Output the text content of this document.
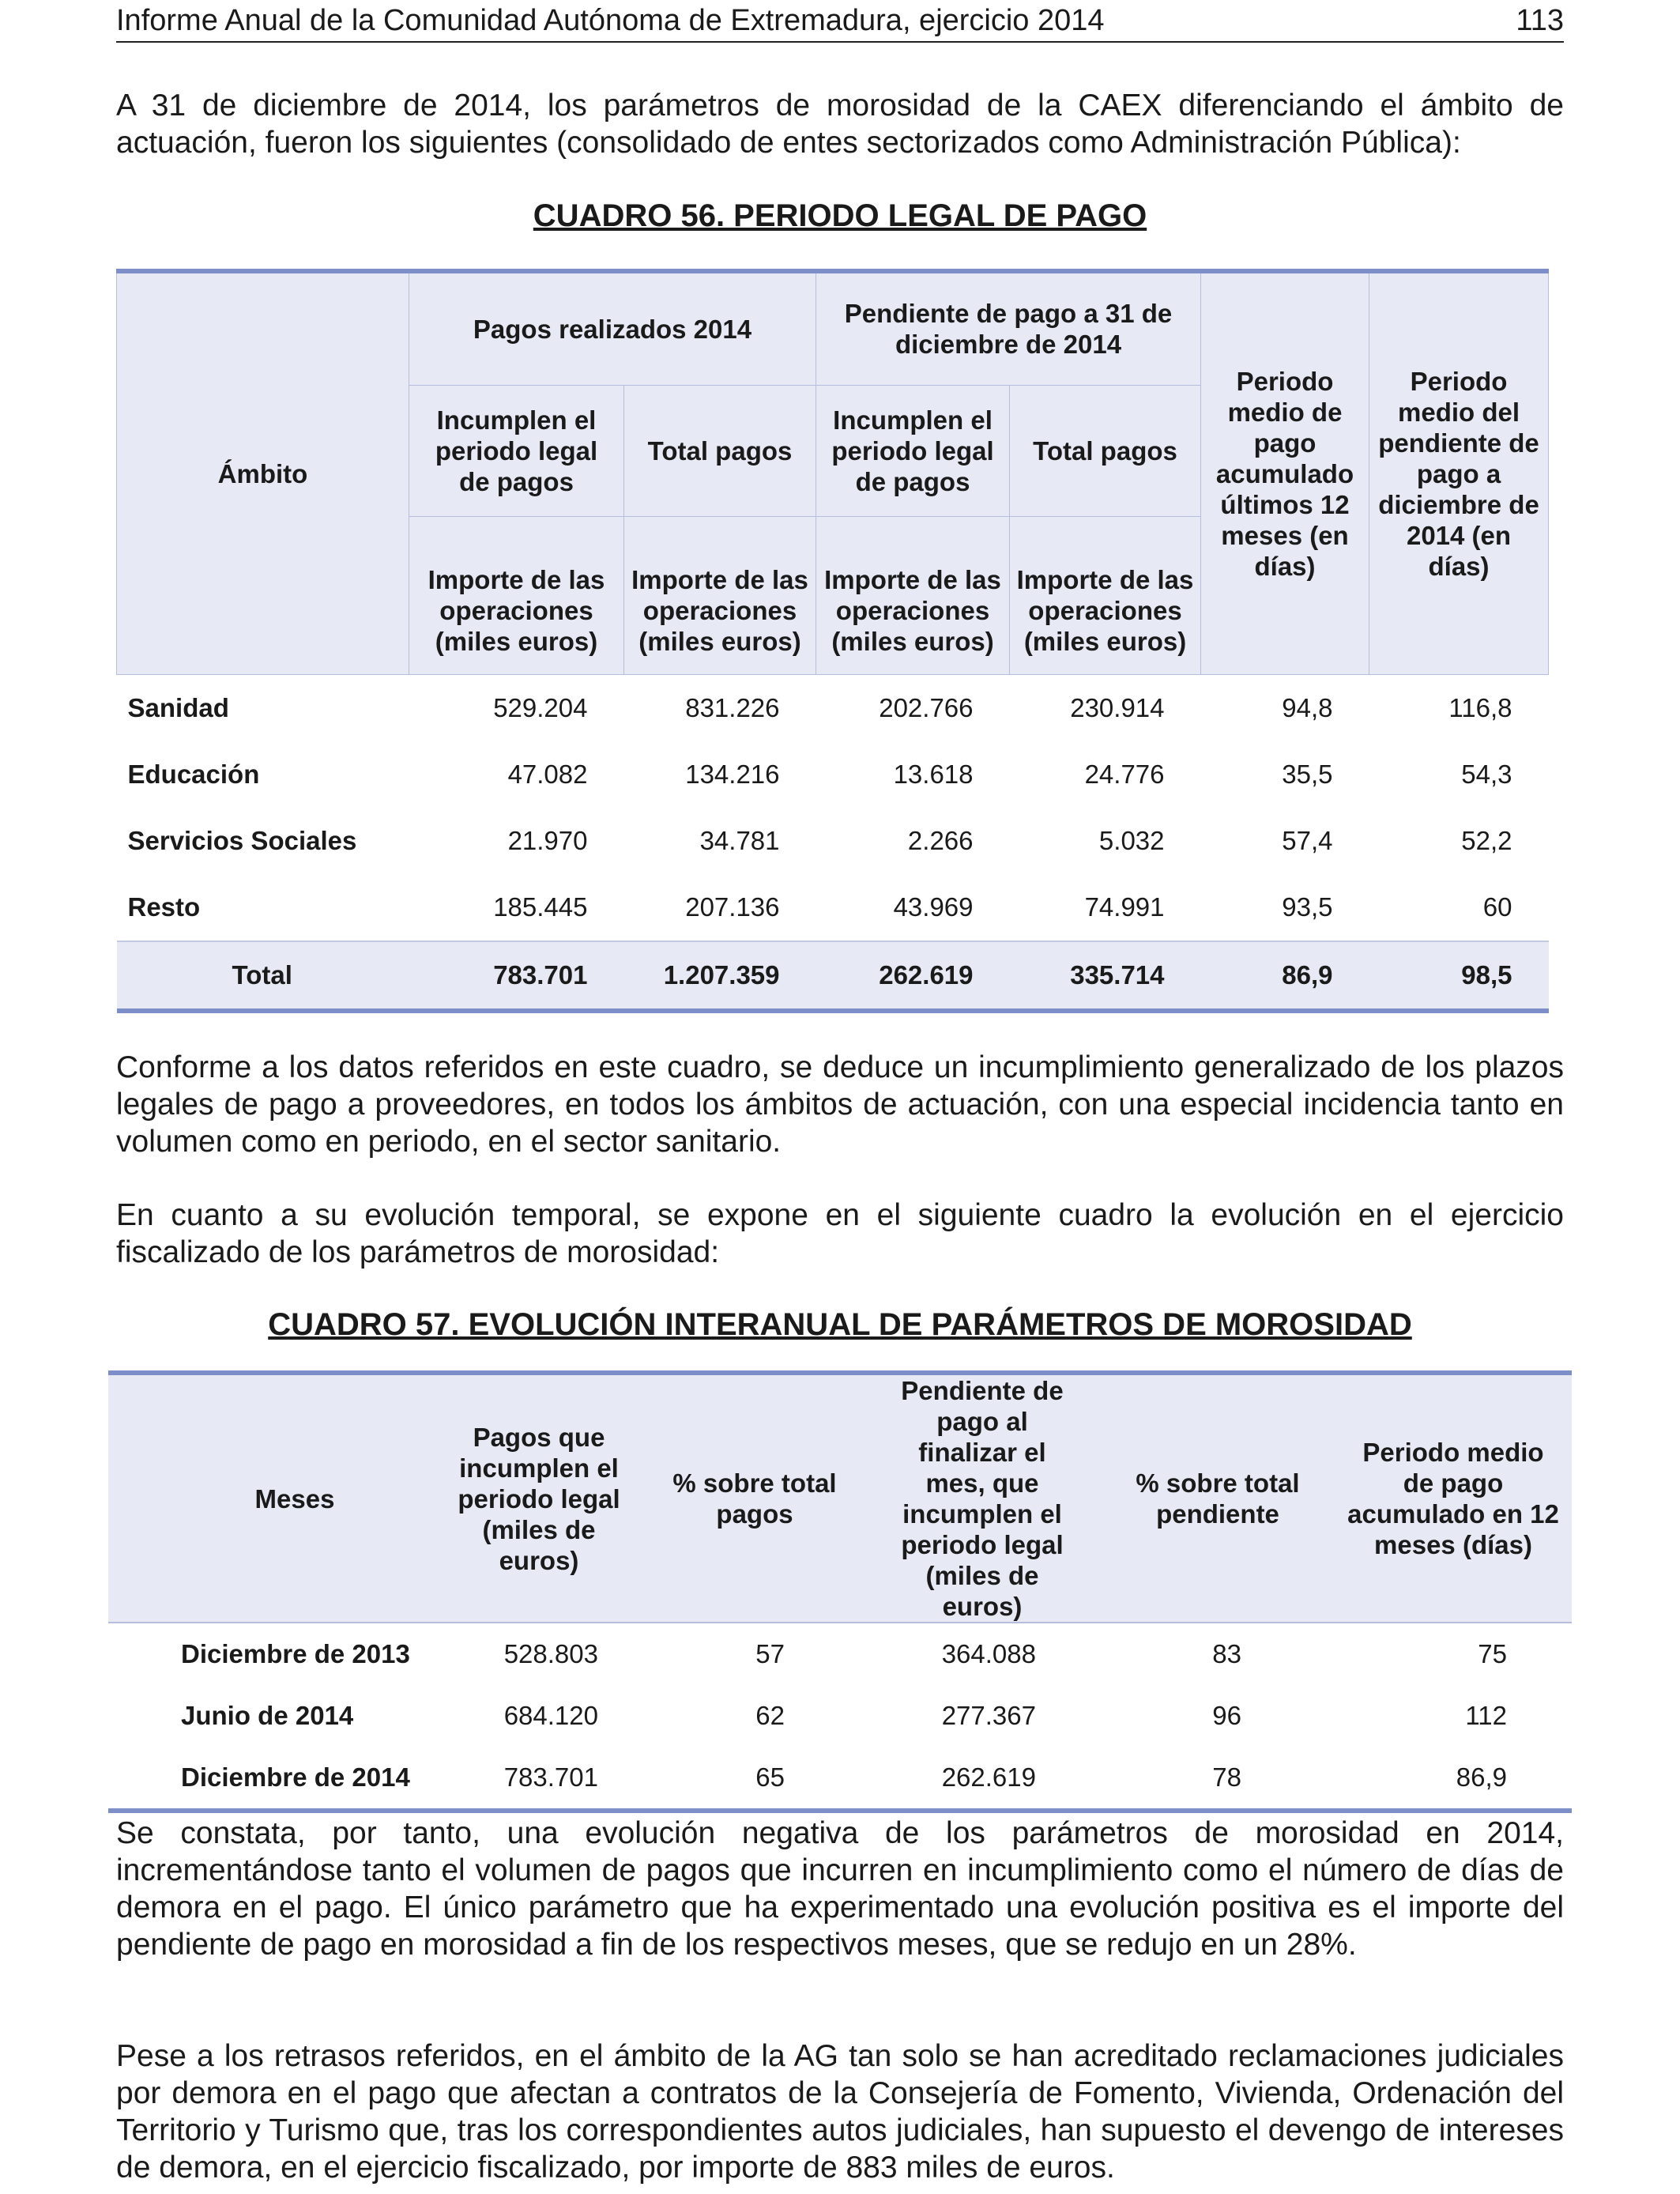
Informe Anual de la Comunidad Autónoma de Extremadura, ejercicio 2014	113

A 31 de diciembre de 2014, los parámetros de morosidad de la CAEX diferenciando el ámbito de actuación, fueron los siguientes (consolidado de entes sectorizados como Administración Pública):

CUADRO 56. PERIODO LEGAL DE PAGO
Ámbito	Pagos realizados 2014		Pendiente de pago a 31 de diciembre de 2014		Periodo medio de pago acumulado últimos 12 meses (en días)	Periodo medio del pendiente de pago a diciembre de 2014 (en días)
	Incumplen el periodo legal de pagos	Total pagos	Incumplen el periodo legal de pagos	Total pagos		
	Importe de las operaciones (miles euros)	Importe de las operaciones (miles euros)	Importe de las operaciones (miles euros)	Importe de las operaciones (miles euros)		
Sanidad	529.204	831.226	202.766	230.914	94,8	116,8
Educación	47.082	134.216	13.618	24.776	35,5	54,3
Servicios Sociales	21.970	34.781	2.266	5.032	57,4	52,2
Resto	185.445	207.136	43.969	74.991	93,5	60
Total	783.701	1.207.359	262.619	335.714	86,9	98,5

Conforme a los datos referidos en este cuadro, se deduce un incumplimiento generalizado de los plazos legales de pago a proveedores, en todos los ámbitos de actuación, con una especial incidencia tanto en volumen como en periodo, en el sector sanitario.

En cuanto a su evolución temporal, se expone en el siguiente cuadro la evolución en el ejercicio fiscalizado de los parámetros de morosidad:

CUADRO 57. EVOLUCIÓN INTERANUAL DE PARÁMETROS DE MOROSIDAD
Meses	Pagos que incumplen el periodo legal (miles de euros)	% sobre total pagos	Pendiente de pago al finalizar el mes, que incumplen el periodo legal (miles de euros)	% sobre total pendiente	Periodo medio de pago acumulado en 12 meses (días)
Diciembre de 2013	528.803	57	364.088	83	75
Junio de 2014	684.120	62	277.367	96	112
Diciembre de 2014	783.701	65	262.619	78	86,9

Se constata, por tanto, una evolución negativa de los parámetros de morosidad en 2014, incrementándose tanto el volumen de pagos que incurren en incumplimiento como el número de días de demora en el pago. El único parámetro que ha experimentado una evolución positiva es el importe del pendiente de pago en morosidad a fin de los respectivos meses, que se redujo en un 28%.

Pese a los retrasos referidos, en el ámbito de la AG tan solo se han acreditado reclamaciones judiciales por demora en el pago que afectan a contratos de la Consejería de Fomento, Vivienda, Ordenación del Territorio y Turismo que, tras los correspondientes autos judiciales, han supuesto el devengo de intereses de demora, en el ejercicio fiscalizado, por importe de 883 miles de euros.
